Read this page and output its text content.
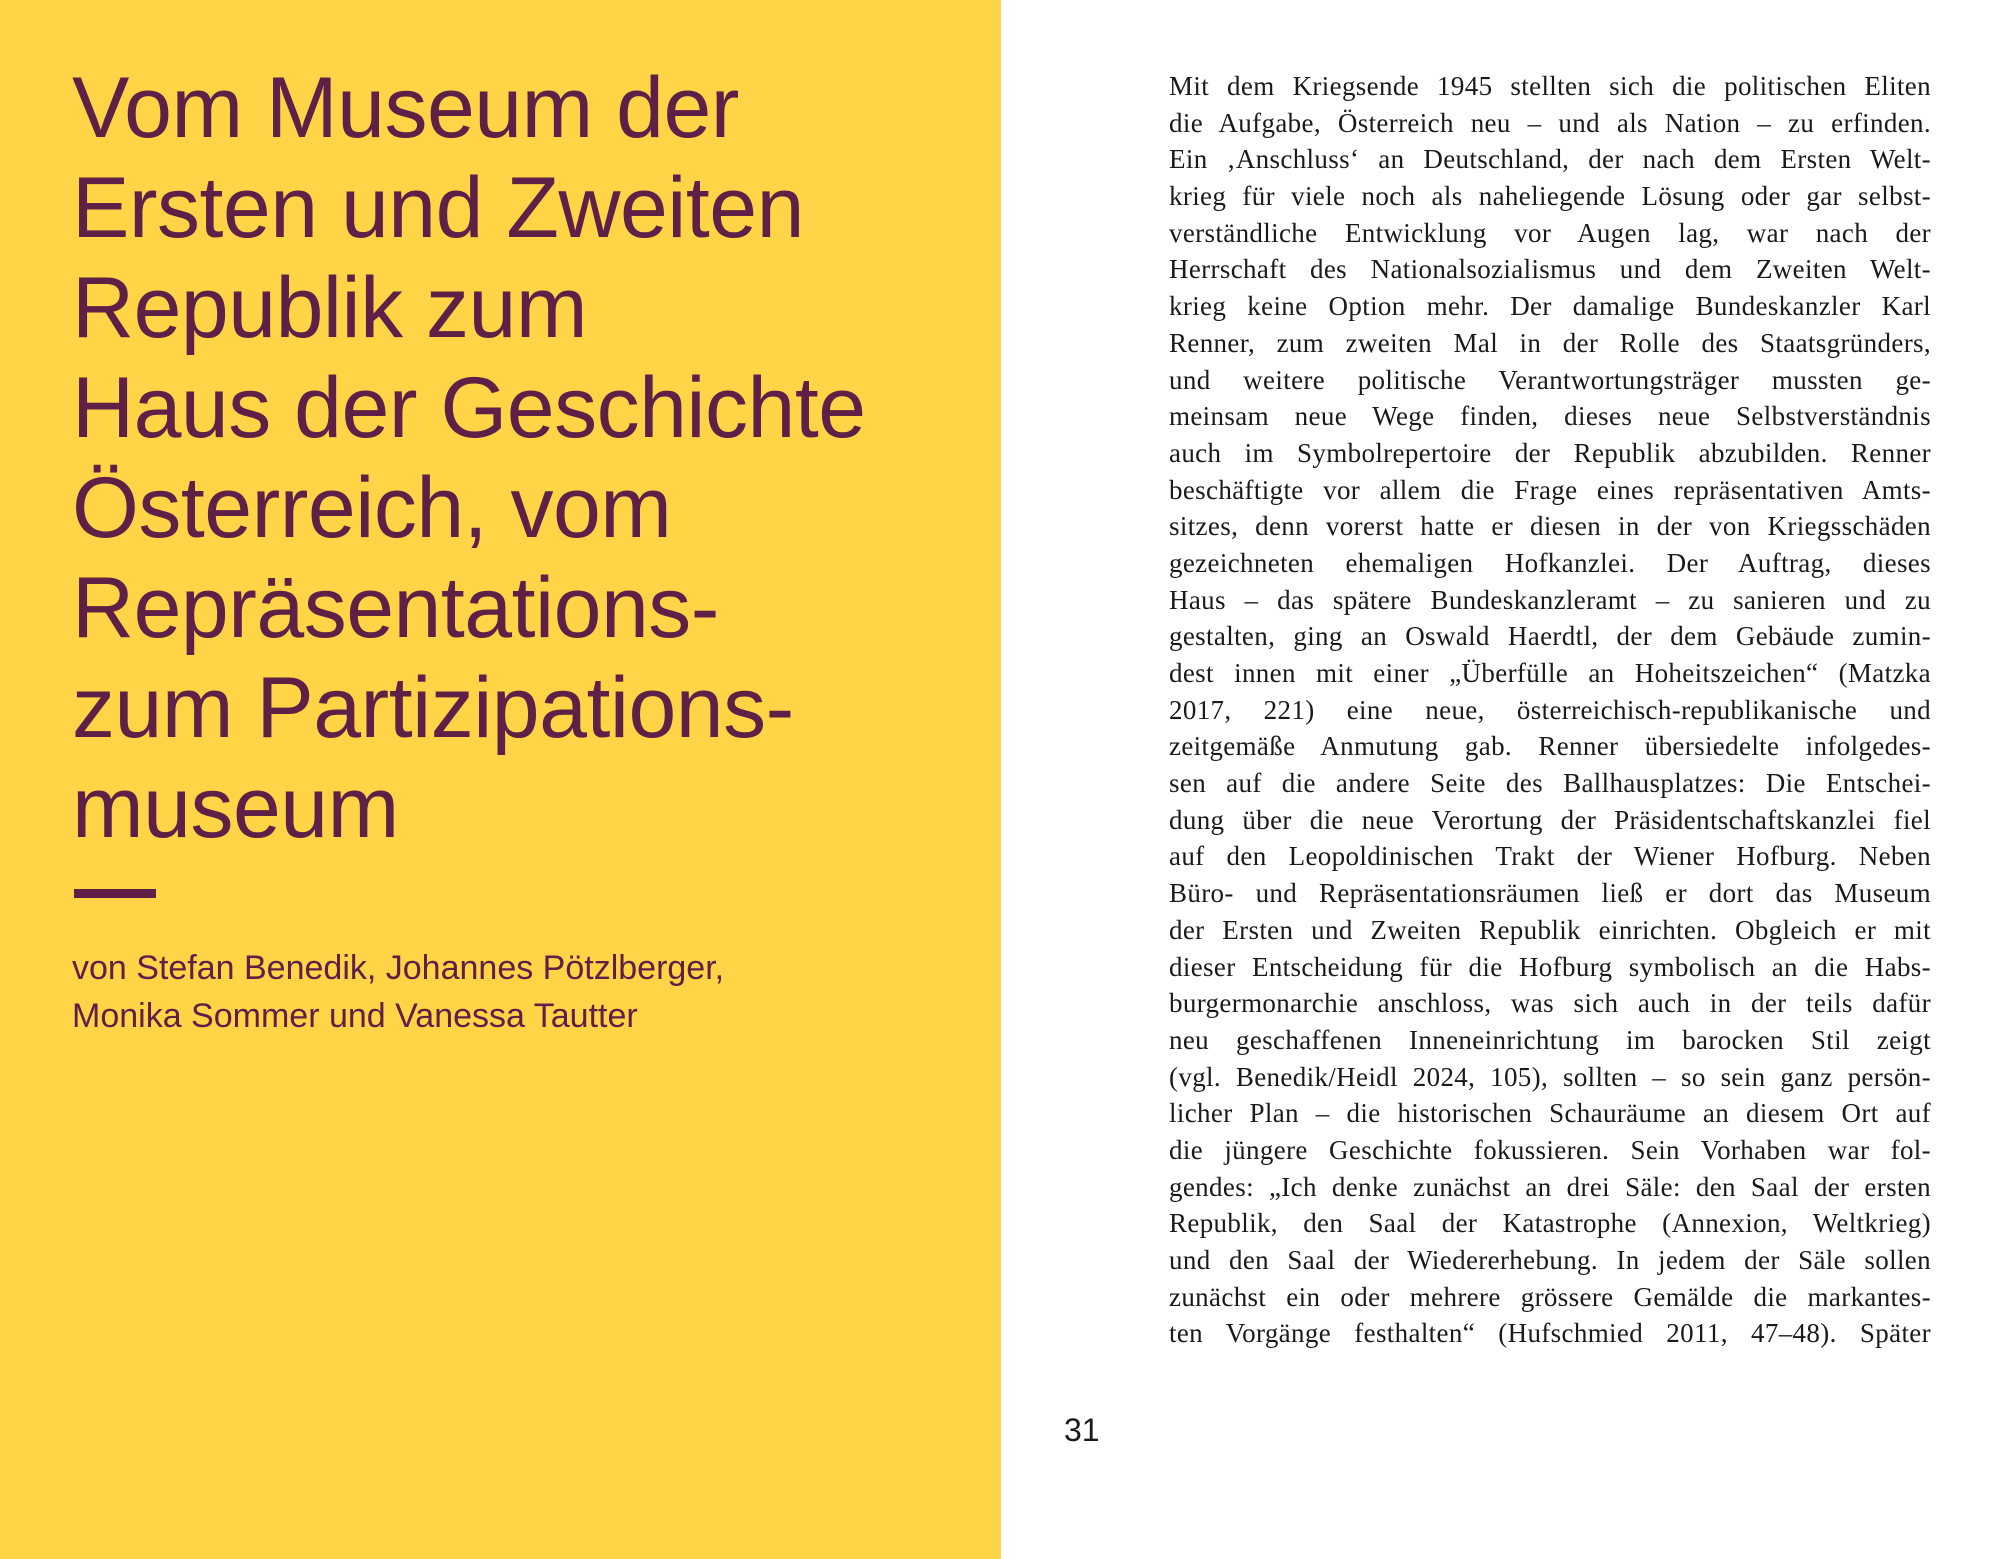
Vom Museum der
Ersten und Zweiten
Republik zum
Haus der Geschichte
Österreich, vom
Repräsentations-
zum Partizipations-
museum
von Stefan Benedik, Johannes Pötzlberger,
Monika Sommer und Vanessa Tautter
Mit dem Kriegsende 1945 stellten sich die politischen Eliten
die Aufgabe, Österreich neu – und als Nation – zu erfinden.
Ein ‚Anschluss‘ an Deutschland, der nach dem Ersten Welt-
krieg für viele noch als naheliegende Lösung oder gar selbst-
verständliche Entwicklung vor Augen lag, war nach der
Herrschaft des Nationalsozialismus und dem Zweiten Welt-
krieg keine Option mehr. Der damalige Bundeskanzler Karl
Renner, zum zweiten Mal in der Rolle des Staatsgründers,
und weitere politische Verantwortungsträger mussten ge-
meinsam neue Wege finden, dieses neue Selbstverständnis
auch im Symbolrepertoire der Republik abzubilden. Renner
beschäftigte vor allem die Frage eines repräsentativen Amts-
sitzes, denn vorerst hatte er diesen in der von Kriegsschäden
gezeichneten ehemaligen Hofkanzlei. Der Auftrag, dieses
Haus – das spätere Bundeskanzleramt – zu sanieren und zu
gestalten, ging an Oswald Haerdtl, der dem Gebäude zumin-
dest innen mit einer „Überfülle an Hoheitszeichen“ (Matzka
2017, 221) eine neue, österreichisch-republikanische und
zeitgemäße Anmutung gab. Renner übersiedelte infolgedes-
sen auf die andere Seite des Ballhausplatzes: Die Entschei-
dung über die neue Verortung der Präsidentschaftskanzlei fiel
auf den Leopoldinischen Trakt der Wiener Hofburg. Neben
Büro- und Repräsentationsräumen ließ er dort das Museum
der Ersten und Zweiten Republik einrichten. Obgleich er mit
dieser Entscheidung für die Hofburg symbolisch an die Habs-
burgermonarchie anschloss, was sich auch in der teils dafür
neu geschaffenen Inneneinrichtung im barocken Stil zeigt
(vgl. Benedik/Heidl 2024, 105), sollten – so sein ganz persön-
licher Plan – die historischen Schauräume an diesem Ort auf
die jüngere Geschichte fokussieren. Sein Vorhaben war fol-
gendes: „Ich denke zunächst an drei Säle: den Saal der ersten
Republik, den Saal der Katastrophe (Annexion, Weltkrieg)
und den Saal der Wiedererhebung. In jedem der Säle sollen
zunächst ein oder mehrere grössere Gemälde die markantes-
ten Vorgänge festhalten“ (Hufschmied 2011, 47–48). Später
31
